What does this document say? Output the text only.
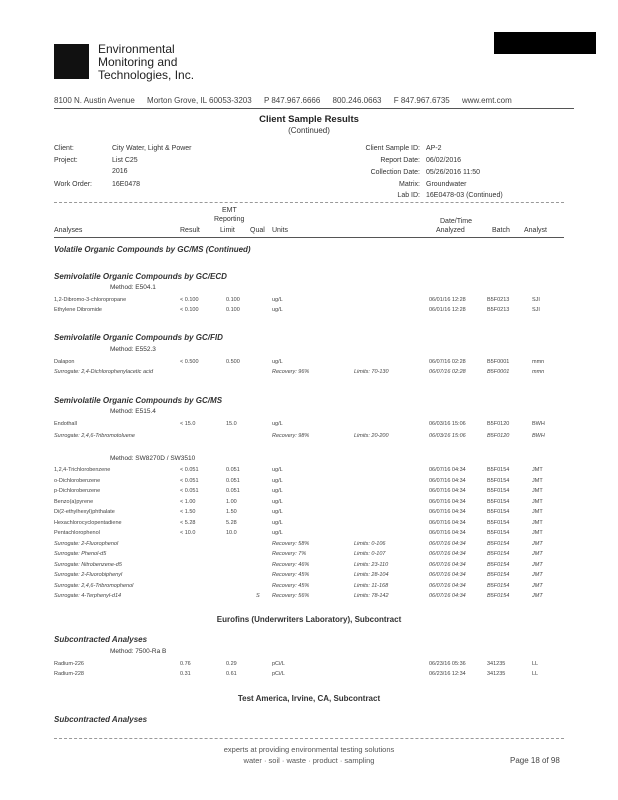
Environmental
Monitoring and
Technologies, Inc.
8100 N. Austin Avenue Morton Grove, IL 60053-3203 P 847.967.6666 800.246.0663 F 847.967.6735 www.emt.com
Client Sample Results
(Continued)
Client:	City Water, Light & Power
Project:	List C25
2016
Work Order:	16E0478
Client Sample ID: AP-2
Report Date: 06/02/2016
Collection Date: 05/26/2016 11:50
Matrix: Groundwater
Lab ID: 16E0478-03 (Continued)
EMT
Reporting	Date/Time
Analyses	Result	Limit Qual Units	Analyzed	Batch Analyst
Volatile Organic Compounds by GC/MS (Continued)
Semivolatile Organic Compounds by GC/ECD
Method: E504.1
1,2-Dibromo-3-chloropropane	< 0.100	0.100	ug/L	06/01/16 12:28	B5F0213	SJI
Ethylene Dibromide	< 0.100	0.100	ug/L	06/01/16 12:28	B5F0213	SJI
Semivolatile Organic Compounds by GC/FID
Method: E552.3
Dalapon	< 0.500	0.500	ug/L	06/07/16 02:28	B5F0001	mmn
Surrogate: 2,4-Dichlorophenylacetic acid	Recovery: 96%	Limits: 70-130	06/07/16 02:28	B5F0001	mmn
Semivolatile Organic Compounds by GC/MS
Method: E515.4
Endothall	< 15.0	15.0	ug/L	06/03/16 15:06	B5F0120	BWH
Surrogate: 2,4,6-Tribromotoluene	Recovery: 98%	Limits: 20-200	06/03/16 15:06	B5F0120	BWH
Method: SW8270D / SW3510
1,2,4-Trichlorobenzene	< 0.051	0.051	ug/L	06/07/16 04:34	B5F0154	JMT
o-Dichlorobenzene	< 0.051	0.051	ug/L	06/07/16 04:34	B5F0154	JMT
p-Dichlorobenzene	< 0.051	0.051	ug/L	06/07/16 04:34	B5F0154	JMT
Benzo(a)pyrene	< 1.00	1.00	ug/L	06/07/16 04:34	B5F0154	JMT
Di(2-ethylhexyl)phthalate	< 1.50	1.50	ug/L	06/07/16 04:34	B5F0154	JMT
Hexachlorocyclopentadiene	< 5.28	5.28	ug/L	06/07/16 04:34	B5F0154	JMT
Pentachlorophenol	< 10.0	10.0	ug/L	06/07/16 04:34	B5F0154	JMT
Surrogate: 2-Fluorophenol	Recovery: 58%	Limits: 0-106	06/07/16 04:34	B5F0154	JMT
Surrogate: Phenol-d5	Recovery: 7%	Limits: 0-107	06/07/16 04:34	B5F0154	JMT
Surrogate: Nitrobenzene-d5	Recovery: 46%	Limits: 23-110	06/07/16 04:34	B5F0154	JMT
Surrogate: 2-Fluorobiphenyl	Recovery: 45%	Limits: 28-104	06/07/16 04:34	B5F0154	JMT
Surrogate: 2,4,6-Tribromophenol	Recovery: 45%	Limits: 11-168	06/07/16 04:34	B5F0154	JMT
Surrogate: 4-Terphenyl-d14	S Recovery: 56%	Limits: 78-142	06/07/16 04:34	B5F0154	JMT
Eurofins (Underwriters Laboratory), Subcontract
Subcontracted Analyses
Method: 7500-Ra B
Radium-226	0.76	0.29	pCi/L	06/23/16 05:36	341235	LL
Radium-228	0.31	0.61	pCi/L	06/23/16 12:34	341235	LL
Test America, Irvine, CA, Subcontract
Subcontracted Analyses
experts at providing environmental testing solutions
water · soil · waste · product · sampling	Page 18 of 98
